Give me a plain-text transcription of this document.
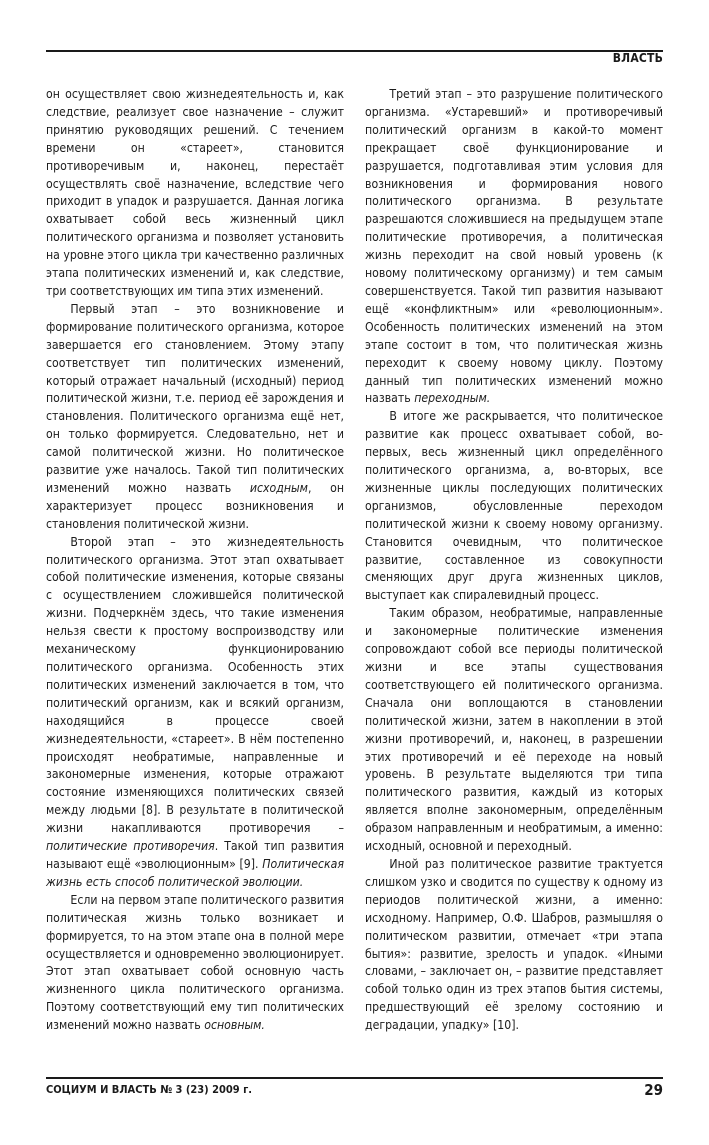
ВЛАСТЬ

он осуществляет свою жизнедеятельность и, как следствие, реализует свое назначение – служит принятию руководящих решений. С течением времени он «стареет», становится противоречивым и, наконец, перестаёт осуществлять своё назначение, вследствие чего приходит в упадок и разрушается. Данная логика охватывает собой весь жизненный цикл политического организма и позволяет установить на уровне этого цикла три качественно различных этапа политических изменений и, как следствие, три соответствующих им типа этих изменений.

Первый этап – это возникновение и формирование политического организма, которое завершается его становлением. Этому этапу соответствует тип политических изменений, который отражает начальный (исходный) период политической жизни, т.е. период её зарождения и становления. Политического организма ещё нет, он только формируется. Следовательно, нет и самой политической жизни. Но политическое развитие уже началось. Такой тип политических изменений можно назвать исходным, он характеризует процесс возникновения и становления политической жизни.

Второй этап – это жизнедеятельность политического организма. Этот этап охватывает собой политические изменения, которые связаны с осуществлением сложившейся политической жизни. Подчеркнём здесь, что такие изменения нельзя свести к простому воспроизводству или механическому функционированию политического организма. Особенность этих политических изменений заключается в том, что политический организм, как и всякий организм, находящийся в процессе своей жизнедеятельности, «стареет». В нём постепенно происходят необратимые, направленные и закономерные изменения, которые отражают состояние изменяющихся политических связей между людьми [8]. В результате в политической жизни накапливаются противоречия – политические противоречия. Такой тип развития называют ещё «эволюционным» [9]. Политическая жизнь есть способ политической эволюции.

Если на первом этапе политического развития политическая жизнь только возникает и формируется, то на этом этапе она в полной мере осуществляется и одновременно эволюционирует. Этот этап охватывает собой основную часть жизненного цикла политического организма. Поэтому соответствующий ему тип политических изменений можно назвать основным.

Третий этап – это разрушение политического организма. «Устаревший» и противоречивый политический организм в какой-то момент прекращает своё функционирование и разрушается, подготавливая этим условия для возникновения и формирования нового политического организма. В результате разрешаются сложившиеся на предыдущем этапе политические противоречия, а политическая жизнь переходит на свой новый уровень (к новому политическому организму) и тем самым совершенствуется. Такой тип развития называют ещё «конфликтным» или «революционным». Особенность политических изменений на этом этапе состоит в том, что политическая жизнь переходит к своему новому циклу. Поэтому данный тип политических изменений можно назвать переходным.

В итоге же раскрывается, что политическое развитие как процесс охватывает собой, во-первых, весь жизненный цикл определённого политического организма, а, во-вторых, все жизненные циклы последующих политических организмов, обусловленные переходом политической жизни к своему новому организму. Становится очевидным, что политическое развитие, составленное из совокупности сменяющих друг друга жизненных циклов, выступает как спиралевидный процесс.

Таким образом, необратимые, направленные и закономерные политические изменения сопровождают собой все периоды политической жизни и все этапы существования соответствующего ей политического организма. Сначала они воплощаются в становлении политической жизни, затем в накоплении в этой жизни противоречий, и, наконец, в разрешении этих противоречий и её переходе на новый уровень. В результате выделяются три типа политического развития, каждый из которых является вполне закономерным, определённым образом направленным и необратимым, а именно: исходный, основной и переходный.

Иной раз политическое развитие трактуется слишком узко и сводится по существу к одному из периодов политической жизни, а именно: исходному. Например, О.Ф. Шабров, размышляя о политическом развитии, отмечает «три этапа бытия»: развитие, зрелость и упадок. «Иными словами, – заключает он, – развитие представляет собой только один из трех этапов бытия системы, предшествующий её зрелому состоянию и деградации, упадку» [10].

СОЦИУМ И ВЛАСТЬ № 3 (23) 2009 г.	29
